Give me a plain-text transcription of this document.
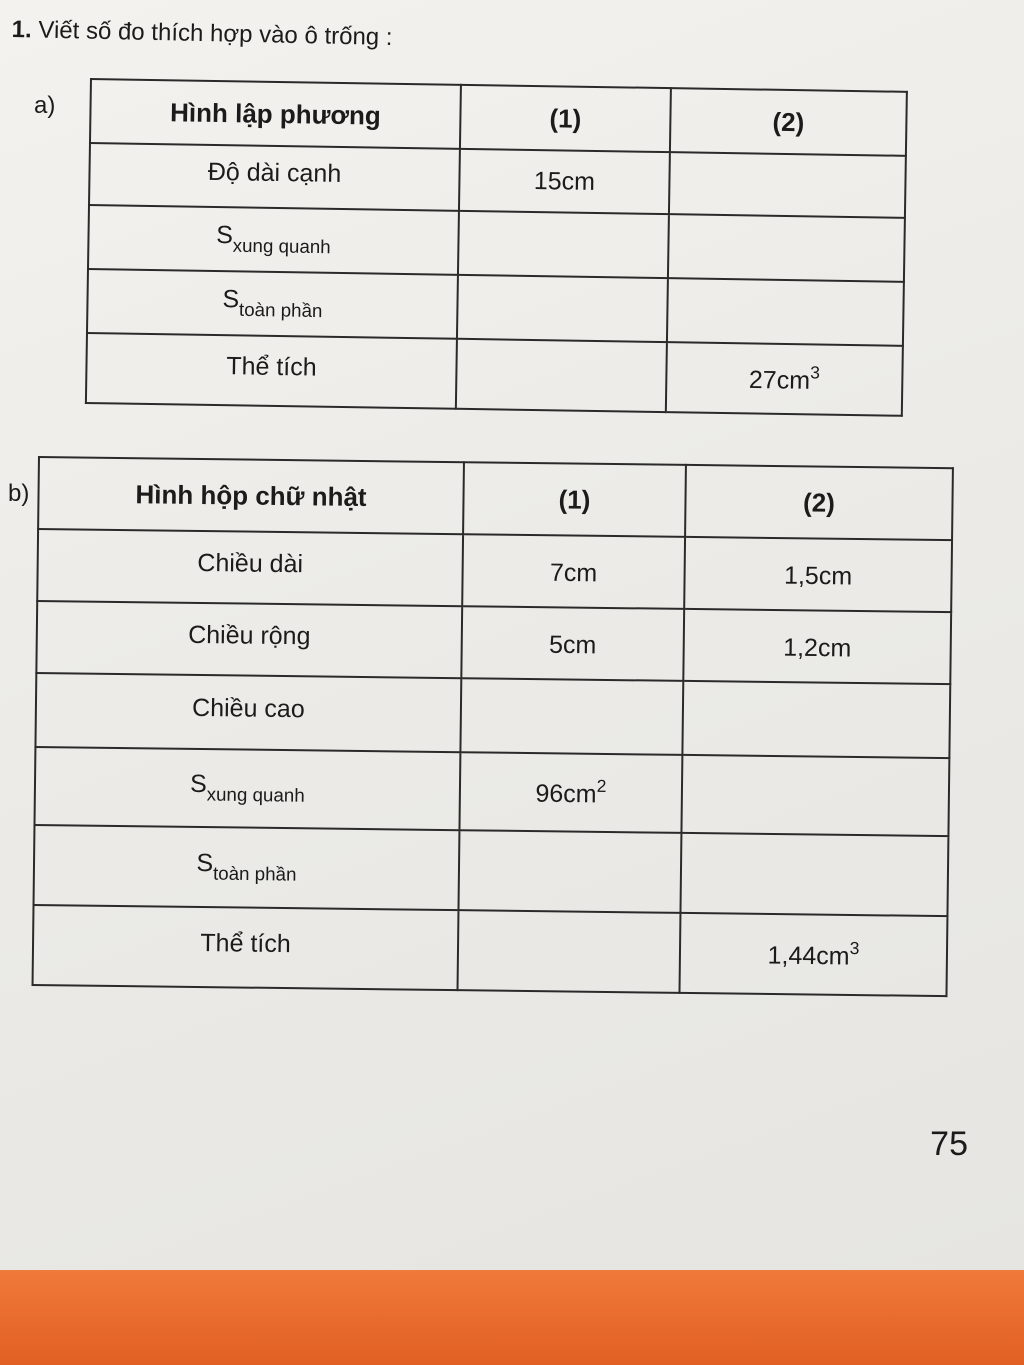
1. Viết số đo thích hợp vào ô trống :
a)	Hình lập phương	(1)	(2)
Độ dài cạnh	15cm	
$S_{xung quanh}$		
$S_{toàn phần}$		
Thể tích		$27cm^3$
b)	Hình hộp chữ nhật	(1)	(2)
Chiều dài	7cm	1,5cm
Chiều rộng	5cm	1,2cm
Chiều cao		
$S_{xung quanh}$	$96cm^2$	
$S_{toàn phần}$		
Thể tích		$1,44cm^3$
75
